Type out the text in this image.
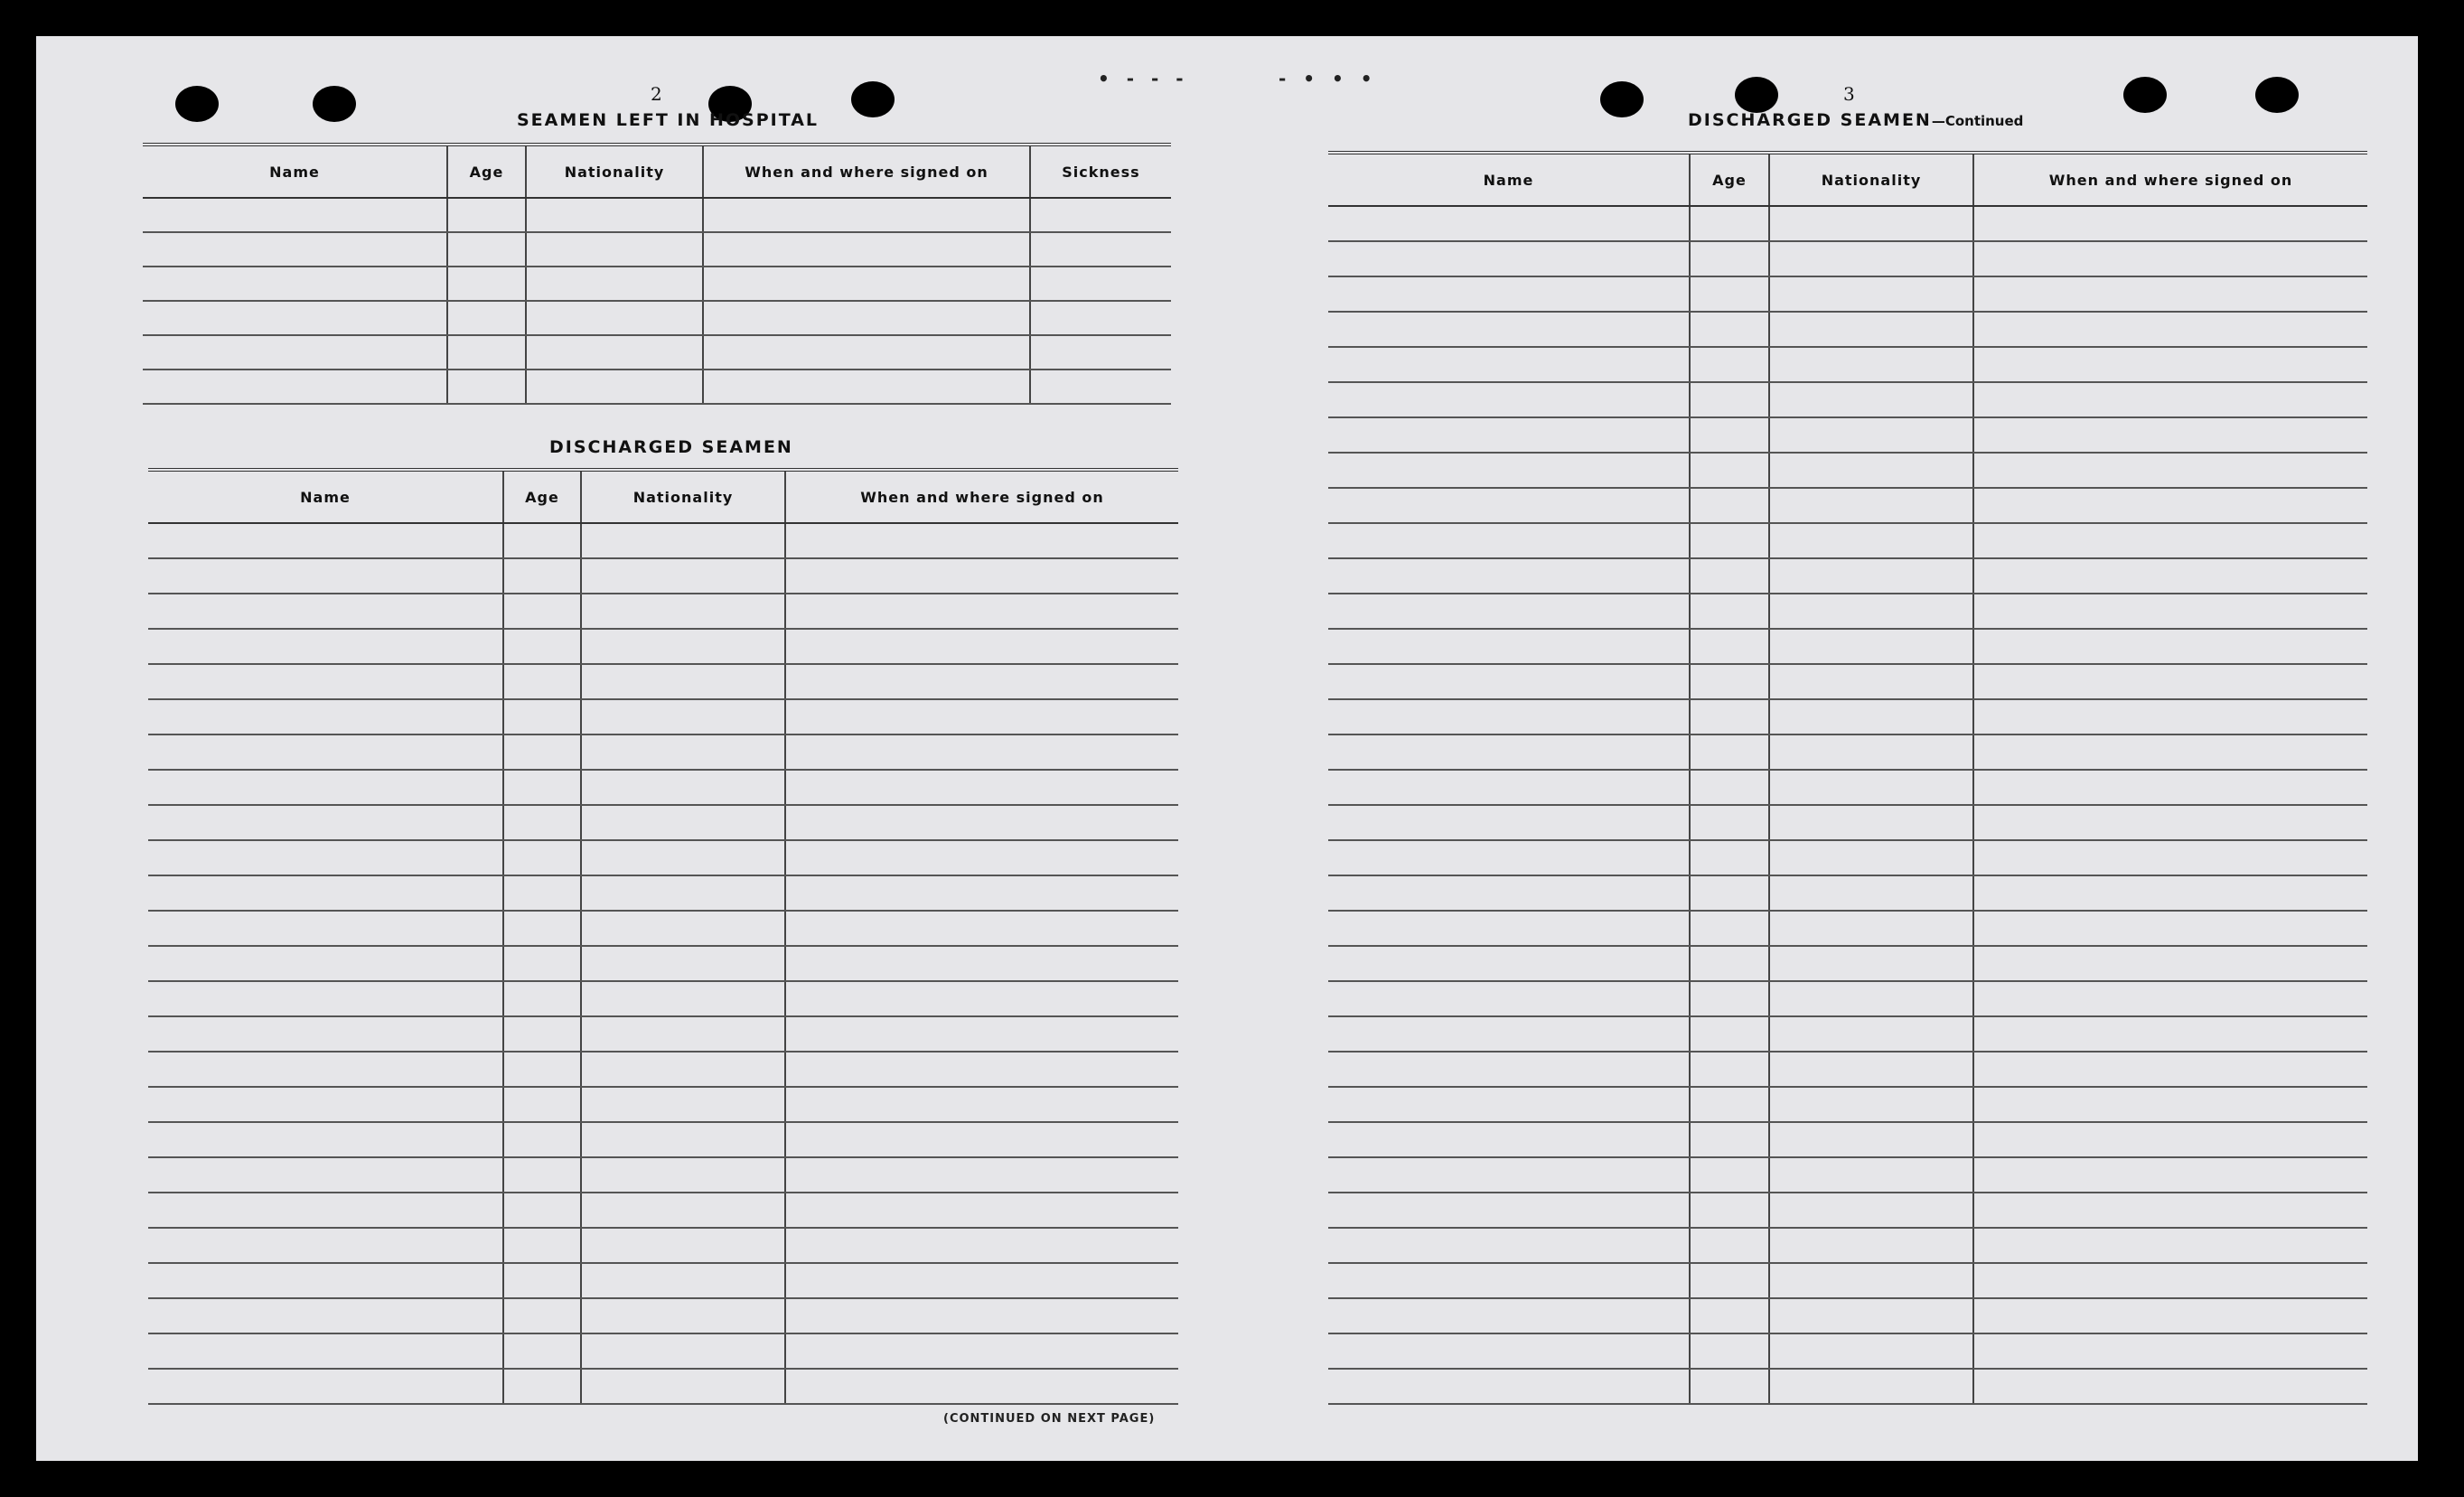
• ‑ ‑ ‑	‑ • • •
2
SEAMEN LEFT IN HOSPITAL
Name	Age	Nationality	When and where signed on	Sickness
DISCHARGED SEAMEN
Name	Age	Nationality	When and where signed on
(CONTINUED ON NEXT PAGE)
3
DISCHARGED SEAMEN—Continued
Name	Age	Nationality	When and where signed on
